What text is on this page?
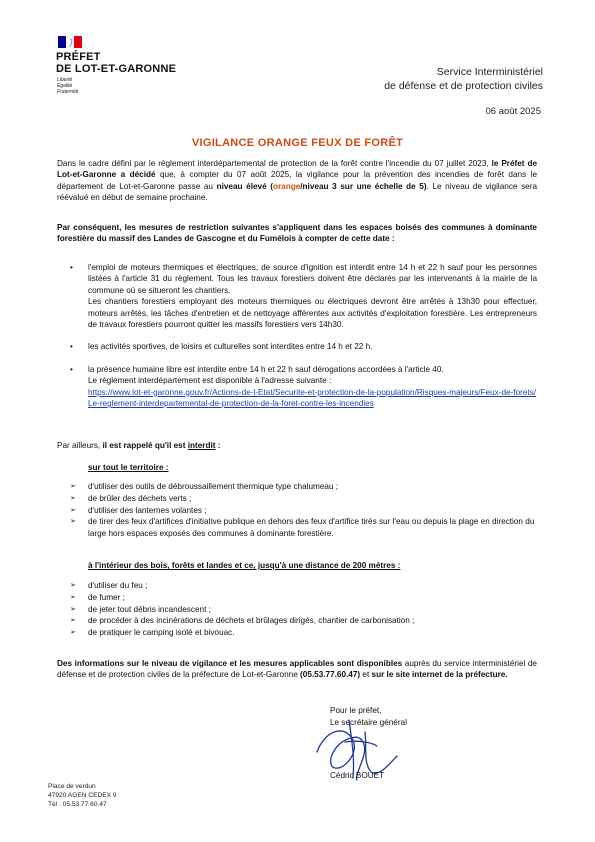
PRÉFET
DE LOT-ET-GARONNE
Liberté
Égalité
Fraternité
Service Interministériel
de défense et de protection civiles
06 août 2025
VIGILANCE ORANGE FEUX DE FORÊT
Dans le cadre défini par le règlement interdépartemental de protection de la forêt contre l'incendie du 07 juillet 2023, le Préfet de Lot-et-Garonne a décidé que, à compter du 07 août 2025, la vigilance pour la prévention des incendies de forêt dans le département de Lot-et-Garonne passe au niveau élevé (orange/niveau 3 sur une échelle de 5). Le niveau de vigilance sera réévalué en début de semaine prochaine.
Par conséquent, les mesures de restriction suivantes s'appliquent dans les espaces boisés des communes à dominante forestière du massif des Landes de Gascogne et du Fumélois à compter de cette date :
• l'emploi de moteurs thermiques et électriques, de source d'ignition est interdit entre 14 h et 22 h sauf pour les personnes listées à l'article 31 du règlement. Tous les travaux forestiers doivent être déclarés par les intervenants à la mairie de la commune où se situeront les chantiers.
Les chantiers forestiers employant des moteurs thermiques ou électriques devront être arrêtés à 13h30 pour effectuer, moteurs arrêtés, les tâches d'entretien et de nettoyage afférentes aux activités d'exploitation forestière. Les entrepreneurs de travaux forestiers pourront quitter les massifs forestiers vers 14h30.
• les activités sportives, de loisirs et culturelles sont interdites entre 14 h et 22 h.
• la présence humaine libre est interdite entre 14 h et 22 h sauf dérogations accordées à l'article 40.
Le règlement interdépartement est disponible à l'adresse suivante :
https://www.lot-et-garonne.gouv.fr/Actions-de-l-Etat/Securite-et-protection-de-la-population/Risques-majeurs/Feux-de-forets/Le-reglement-interdepartemental-de-protection-de-la-foret-contre-les-incendies
Par ailleurs, il est rappelé qu'il est interdit :
sur tout le territoire :
➢ d'utiliser des outils de débroussaillement thermique type chalumeau ;
➢ de brûler des déchets verts ;
➢ d'utiliser des lanternes volantes ;
➢ de tirer des feux d'artifices d'initiative publique en dehors des feux d'artifice tirés sur l'eau ou depuis la plage en direction du large hors espaces exposés des communes à dominante forestière.
à l'intérieur des bois, forêts et landes et ce, jusqu'à une distance de 200 mètres :
➢ d'utiliser du feu ;
➢ de fumer ;
➢ de jeter tout débris incandescent ;
➢ de procéder à des incinérations de déchets et brûlages dirigés, chantier de carbonisation ;
➢ de pratiquer le camping isolé et bivouac.
Des informations sur le niveau de vigilance et les mesures applicables sont disponibles auprès du service interministériel de défense et de protection civiles de la préfecture de Lot-et-Garonne (05.53.77.60.47) et sur le site internet de la préfecture.
Pour le préfet,
Le secrétaire général
Cédric BOUET
Place de verdun
47920 AGEN CEDEX 9
Tél : 05.53.77.60.47
